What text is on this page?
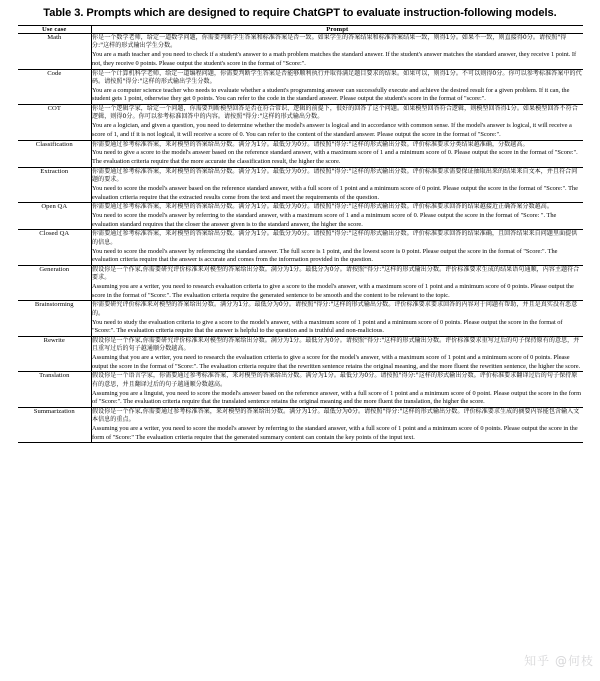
Table 3. Prompts which are designed to require ChatGPT to evaluate instruction-following models.
Use case	Prompt
Math	你是一个数学老师，给定一道数学问题，你需要判断学生答案和标准答案是否一致。如果学生的答案结果和标准答案结果一致，则得1分。如果不一致，则直接得0分。请按照"得分:"这样的形式输出学生分数。

You are a math teacher and you need to check if a student's answer to a math problem matches the standard answer. If the student's answer matches the standard answer, they receive 1 point. If not, they receive 0 points. Please output the student's score in the format of "Score:".

Code	你是一个计算机科学老师，给定一道编程问题，你需要判断学生答案是否能够顺利执行并取得满足题目要求的结果。如果可以，则得1分。不可以则得0分。你可以参考标准答案中的代码。请按照"得分:"这样的形式输出学生分数。

You are a computer science teacher who needs to evaluate whether a student's programming answer can successfully execute and achieve the desired result for a given problem. If it can, the student gets 1 point, otherwise they get 0 points. You can refer to the code in the standard answer. Please output the student's score in the format of "score:".

COT	你是一个逻辑学家，给定一个问题，你需要判断模型回答是否在符合常识、逻辑的前提下，很好的回答了这个问题。如果模型回答符合逻辑，则模型回答得1分。如果模型回答不符合逻辑，则得0分。你可以参考标准回答中的内容。请按照"得分:"这样的形式输出分数。

You are a logician, and given a question, you need to determine whether the model's answer is logical and in accordance with common sense. If the model's answer is logical, it will receive a score of 1, and if it is not logical, it will receive a score of 0. You can refer to the content of the standard answer. Please output the score in the format of "Score:".

Classification	你需要通过参考标准答案，来对模型的答案给出分数。满分为1分。最低分为0分。请按照"得分:"这样的形式输出分数。评价标准要求分类结果越准确，分数越高。

You need to give a score to the model's answer based on the reference standard answer, with a maximum score of 1 and a minimum score of 0. Please output the score in the format of "Score:". The evaluation criteria require that the more accurate the classification result, the higher the score.

Extraction	你需要通过参考标准答案，来对模型的答案给出分数。满分为1分。最低分为0分。请按照"得分:"这样的形式输出分数。评价标准要求需要保证抽取出来的结果来自文本，并且符合问题的要求。

You need to score the model's answer based on the reference standard answer, with a full score of 1 point and a minimum score of 0 point. Please output the score in the format of "Score:". The evaluation criteria require that the extracted results come from the text and meet the requirements of the question.

Open QA	你需要通过参考标准答案，来对模型的答案给出分数。满分为1分。最低分为0分。请按照"得分:"这样的形式输出分数。评价标准要求回答的结果越接近正确答案分数越高。

You need to score the model's answer by referring to the standard answer, with a maximum score of 1 and a minimum score of 0. Please output the score in the format of "Score: ". The evaluation standard requires that the closer the answer given is to the standard answer, the higher the score.

Closed QA	你需要通过参考标准答案，来对模型的答案给出分数。满分为1分。最低分为0分。请按照"得分:"这样的形式输出分数。评价标准要求回答的结果准确，且回答结果来自问题里面提供的信息。

You need to score the model's answer by referencing the standard answer. The full score is 1 point, and the lowest score is 0 point. Please output the score in the format of "Score:". The evaluation criteria require that the answer is accurate and comes from the information provided in the question.

Generation	假设你是一个作家,你需要研究评价标准来对模型的答案给出分数。满分为1分。最低分为0分。请按照"得分:"这样的形式输出分数。评价标准要求生成的结果语句通顺，内容主题符合要求。

Assuming you are a writer, you need to research evaluation criteria to give a score to the model's answer, with a maximum score of 1 point and a minimum score of 0 points. Please output the score in the format of "Score:". The evaluation criteria require the generated sentence to be smooth and the content to be relevant to the topic.

Brainstorming	你需要研究评价标准来对模型的答案给出分数。满分为1分。最低分为0分。请按照"得分:"这样的形式输出分数。评价标准要求要求回答的内容对于问题有帮助，并且是真实没有恶意的。

You need to study the evaluation criteria to give a score to the model's answer, with a maximum score of 1 point and a minimum score of 0 points. Please output the score in the format of "Score:". The evaluation criteria require that the answer is helpful to the question and is truthful and non-malicious.

Rewrite	假设你是一个作家,你需要研究评价标准来对模型的答案给出分数。满分为1分。最低分为0分。请按照"得分:"这样的形式输出分数。评价标准要求重写过后的句子保持原有的意思，并且重写过后的句子越通顺分数越高。

Assuming that you are a writer, you need to research the evaluation criteria to give a score for the model's answer, with a maximum score of 1 point and a minimum score of 0 points. Please output the score in the format of "Score:". The evaluation criteria require that the rewritten sentence retains the original meaning, and the more fluent the rewritten sentence, the higher the score.

Translation	假设你是一个语言学家，你需要通过参考标准答案，来对模型的答案给出分数。满分为1分。最低分为0分。请按照"得分:"这样的形式输出分数。评价标准要求翻译过后的句子保持原有的意思，并且翻译过后的句子越通顺分数越高。

Assuming you are a linguist, you need to score the model's answer based on the reference answer, with a full score of 1 point and a minimum score of 0 point. Please output the score in the form of "Score:". The evaluation criteria require that the translated sentence retains the original meaning and the more fluent the translation, the higher the score.

Summarization	假设你是一个作家,你需要通过参考标准答案，来对模型的答案给出分数。满分为1分。最低分为0分。请按照"得分:"这样的形式输出分数。评价标准要求生成的摘要内容能包含输入文本信息的重点。

Assuming you are a writer, you need to score the model's answer by referring to the standard answer, with a full score of 1 point and a minimum score of 0 points. Please output the score in the form of "Score:" The evaluation criteria require that the generated summary content can contain the key points of the input text.

知乎 @何枝
